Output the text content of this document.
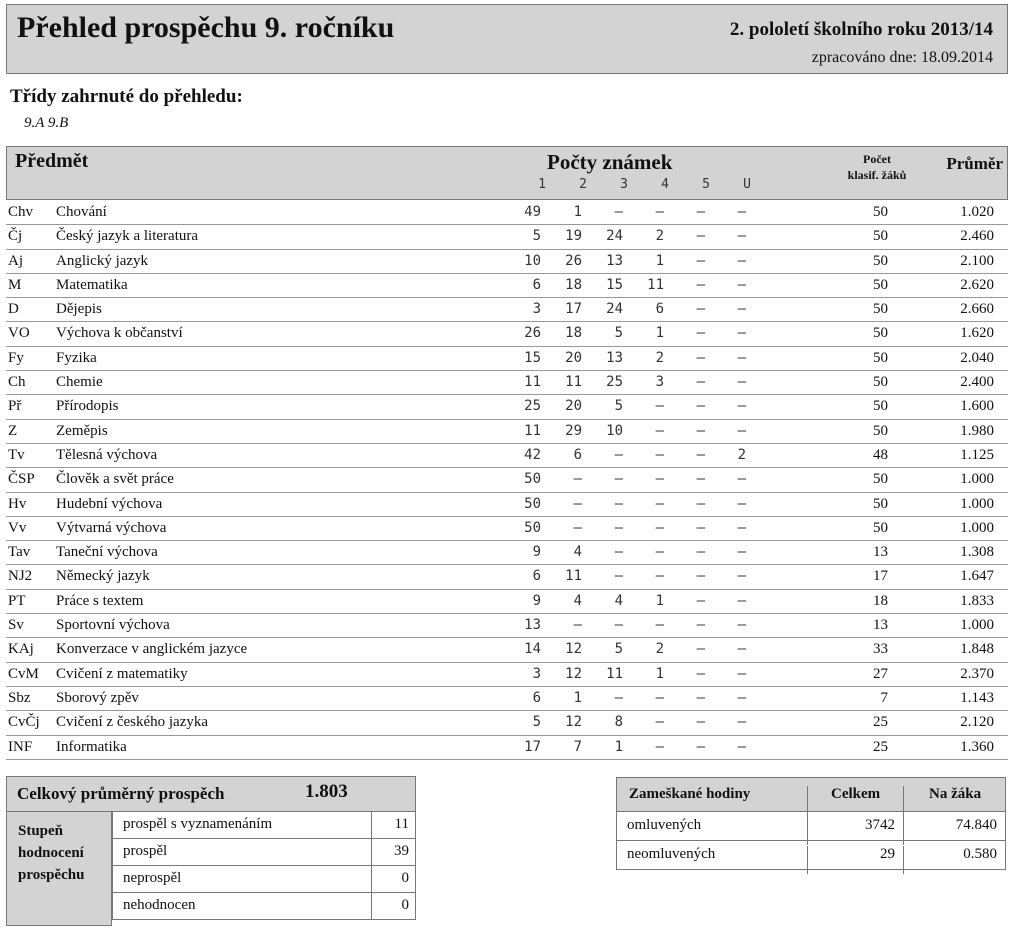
Přehled prospěchu 9. ročníku	2. pololetí školního roku 2013/14
zpracováno dne: 18.09.2014
Třídy zahrnuté do přehledu:
9.A 9.B
Předmět	Počty známek
1	2	3	4	5	U
Počet
klasif. žáků
Průměr
Chv Chování	49	1	–	–	–	–	50	1.020
Čj Český jazyk a literatura	5	19	24	2	–	–	50	2.460
Aj Anglický jazyk	10	26	13	1	–	–	50	2.100
M Matematika	6	18	15	11	–	–	50	2.620
D Dějepis	3	17	24	6	–	–	50	2.660
VO Výchova k občanství	26	18	5	1	–	–	50	1.620
Fy Fyzika	15	20	13	2	–	–	50	2.040
Ch Chemie	11	11	25	3	–	–	50	2.400
Př Přírodopis	25	20	5	–	–	–	50	1.600
Z	Zeměpis	11	29	10	–	–	–	50	1.980
Tv Tělesná výchova	42	6	–	–	–	2	48	1.125
ČSP Člověk a svět práce	50	–	–	–	–	–	50	1.000
Hv Hudební výchova	50	–	–	–	–	–	50	1.000
Vv Výtvarná výchova	50	–	–	–	–	–	50	1.000
Tav Taneční výchova	9	4	–	–	–	–	13	1.308
NJ2 Německý jazyk	6	11	–	–	–	–	17	1.647
PT Práce s textem	9	4	4	1	–	–	18	1.833
Sv Sportovní výchova	13	–	–	–	–	–	13	1.000
KAj Konverzace v anglickém jazyce	14	12	5	2	–	–	33	1.848
CvM Cvičení z matematiky	3	12	11	1	–	–	27	2.370
Sbz Sborový zpěv	6	1	–	–	–	–	7	1.143
CvČj Cvičení z českého jazyka	5	12	8	–	–	–	25	2.120
INF Informatika	17	7	1	–	–	–	25	1.360
Celkový průměrný prospěch	1.803
Stupeň
hodnocení
prospěchu
prospěl s vyznamenáním	11
prospěl	39
neprospěl	0
nehodnocen	0
Zameškané hodiny	Celkem	Na žáka
omluvených	3742	74.840
neomluvených	29	0.580
